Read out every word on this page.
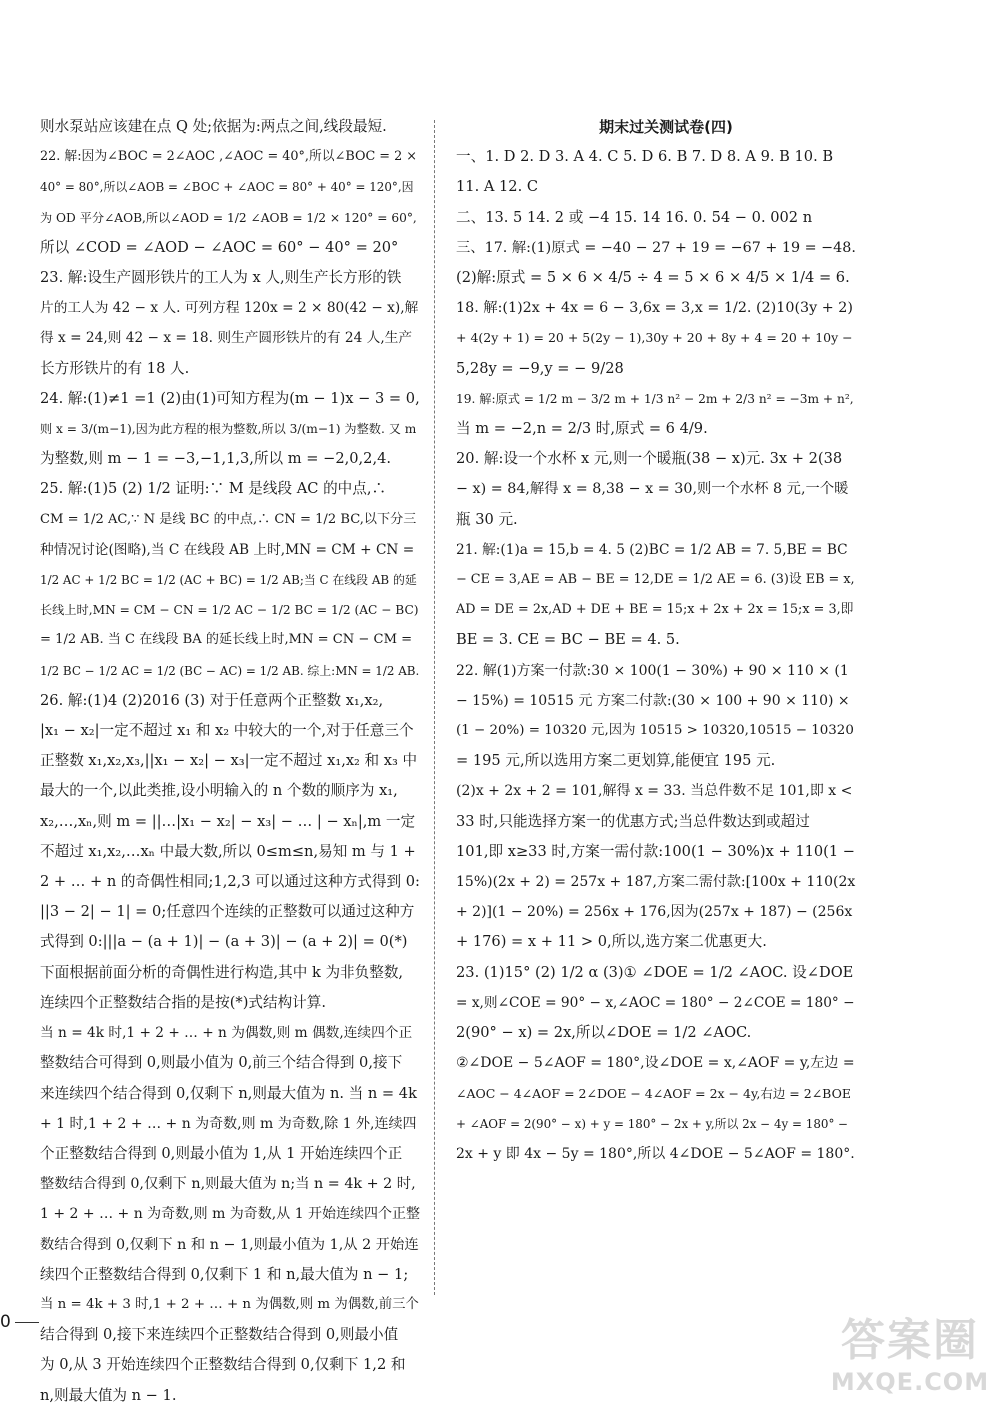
则水泵站应该建在点 Q 处;依据为:两点之间,线段最短.
22. 解:因为∠BOC = 2∠AOC ,∠AOC = 40°,所以∠BOC = 2 ×
40° = 80°,所以∠AOB = ∠BOC + ∠AOC = 80° + 40° = 120°,因
为 OD 平分∠AOB,所以∠AOD = 1/2 ∠AOB = 1/2 × 120° = 60°,
所以 ∠COD = ∠AOD − ∠AOC = 60° − 40° = 20°
23. 解:设生产圆形铁片的工人为 x 人,则生产长方形的铁
片的工人为 42 − x 人. 可列方程 120x = 2 × 80(42 − x),解
得 x = 24,则 42 − x = 18. 则生产圆形铁片的有 24 人,生产
长方形铁片的有 18 人.
24. 解:(1)≠1 =1 (2)由(1)可知方程为(m − 1)x − 3 = 0,
则 x = 3/(m−1),因为此方程的根为整数,所以 3/(m−1) 为整数. 又 m
为整数,则 m − 1 = −3,−1,1,3,所以 m = −2,0,2,4.
25. 解:(1)5 (2) 1/2 证明:∵ M 是线段 AC 的中点,∴
CM = 1/2 AC,∵ N 是线 BC 的中点,∴ CN = 1/2 BC,以下分三
种情况讨论(图略),当 C 在线段 AB 上时,MN = CM + CN =
1/2 AC + 1/2 BC = 1/2 (AC + BC) = 1/2 AB;当 C 在线段 AB 的延
长线上时,MN = CM − CN = 1/2 AC − 1/2 BC = 1/2 (AC − BC)
= 1/2 AB. 当 C 在线段 BA 的延长线上时,MN = CN − CM =
1/2 BC − 1/2 AC = 1/2 (BC − AC) = 1/2 AB. 综上:MN = 1/2 AB.
26. 解:(1)4 (2)2016 (3) 对于任意两个正整数 x₁,x₂,
|x₁ − x₂|一定不超过 x₁ 和 x₂ 中较大的一个,对于任意三个
正整数 x₁,x₂,x₃,||x₁ − x₂| − x₃|一定不超过 x₁,x₂ 和 x₃ 中
最大的一个,以此类推,设小明输入的 n 个数的顺序为 x₁,
x₂,…,xₙ,则 m = ||…|x₁ − x₂| − x₃| − … | − xₙ|,m 一定
不超过 x₁,x₂,…xₙ 中最大数,所以 0≤m≤n,易知 m 与 1 +
2 + … + n 的奇偶性相同;1,2,3 可以通过这种方式得到 0:
||3 − 2| − 1| = 0;任意四个连续的正整数可以通过这种方
式得到 0:|||a − (a + 1)| − (a + 3)| − (a + 2)| = 0(*)
下面根据前面分析的奇偶性进行构造,其中 k 为非负整数,
连续四个正整数结合指的是按(*)式结构计算.
当 n = 4k 时,1 + 2 + … + n 为偶数,则 m 偶数,连续四个正
整数结合可得到 0,则最小值为 0,前三个结合得到 0,接下
来连续四个结合得到 0,仅剩下 n,则最大值为 n. 当 n = 4k
+ 1 时,1 + 2 + … + n 为奇数,则 m 为奇数,除 1 外,连续四
个正整数结合得到 0,则最小值为 1,从 1 开始连续四个正
整数结合得到 0,仅剩下 n,则最大值为 n;当 n = 4k + 2 时,
1 + 2 + … + n 为奇数,则 m 为奇数,从 1 开始连续四个正整
数结合得到 0,仅剩下 n 和 n − 1,则最小值为 1,从 2 开始连
续四个正整数结合得到 0,仅剩下 1 和 n,最大值为 n − 1;
当 n = 4k + 3 时,1 + 2 + … + n 为偶数,则 m 为偶数,前三个
结合得到 0,接下来连续四个正整数结合得到 0,则最小值
为 0,从 3 开始连续四个正整数结合得到 0,仅剩下 1,2 和
n,则最大值为 n − 1.
期末过关测试卷(四)
一、1. D 2. D 3. A 4. C 5. D 6. B 7. D 8. A 9. B 10. B
11. A 12. C
二、13. 5 14. 2 或 −4 15. 14 16. 0. 54 − 0. 002 n
三、17. 解:(1)原式 = −40 − 27 + 19 = −67 + 19 = −48.
(2)解:原式 = 5 × 6 × 4/5 ÷ 4 = 5 × 6 × 4/5 × 1/4 = 6.
18. 解:(1)2x + 4x = 6 − 3,6x = 3,x = 1/2. (2)10(3y + 2)
+ 4(2y + 1) = 20 + 5(2y − 1),30y + 20 + 8y + 4 = 20 + 10y −
5,28y = −9,y = − 9/28
19. 解:原式 = 1/2 m − 3/2 m + 1/3 n² − 2m + 2/3 n² = −3m + n²,
当 m = −2,n = 2/3 时,原式 = 6 4/9.
20. 解:设一个水杯 x 元,则一个暖瓶(38 − x)元. 3x + 2(38
− x) = 84,解得 x = 8,38 − x = 30,则一个水杯 8 元,一个暖
瓶 30 元.
21. 解:(1)a = 15,b = 4. 5 (2)BC = 1/2 AB = 7. 5,BE = BC
− CE = 3,AE = AB − BE = 12,DE = 1/2 AE = 6. (3)设 EB = x,
AD = DE = 2x,AD + DE + BE = 15;x + 2x + 2x = 15;x = 3,即
BE = 3. CE = BC − BE = 4. 5.
22. 解(1)方案一付款:30 × 100(1 − 30%) + 90 × 110 × (1
− 15%) = 10515 元 方案二付款:(30 × 100 + 90 × 110) ×
(1 − 20%) = 10320 元,因为 10515 > 10320,10515 − 10320
= 195 元,所以选用方案二更划算,能便宜 195 元.
(2)x + 2x + 2 = 101,解得 x = 33. 当总件数不足 101,即 x <
33 时,只能选择方案一的优惠方式;当总件数达到或超过
101,即 x≥33 时,方案一需付款:100(1 − 30%)x + 110(1 −
15%)(2x + 2) = 257x + 187,方案二需付款:[100x + 110(2x
+ 2)](1 − 20%) = 256x + 176,因为(257x + 187) − (256x
+ 176) = x + 11 > 0,所以,选方案二优惠更大.
23. (1)15° (2) 1/2 α (3)① ∠DOE = 1/2 ∠AOC. 设∠DOE
= x,则∠COE = 90° − x,∠AOC = 180° − 2∠COE = 180° −
2(90° − x) = 2x,所以∠DOE = 1/2 ∠AOC.
②∠DOE − 5∠AOF = 180°,设∠DOE = x,∠AOF = y,左边 =
∠AOC − 4∠AOF = 2∠DOE − 4∠AOF = 2x − 4y,右边 = 2∠BOE
+ ∠AOF = 2(90° − x) + y = 180° − 2x + y,所以 2x − 4y = 180° −
2x + y 即 4x − 5y = 180°,所以 4∠DOE − 5∠AOF = 180°.
0	答案圈
MXQE.COM
